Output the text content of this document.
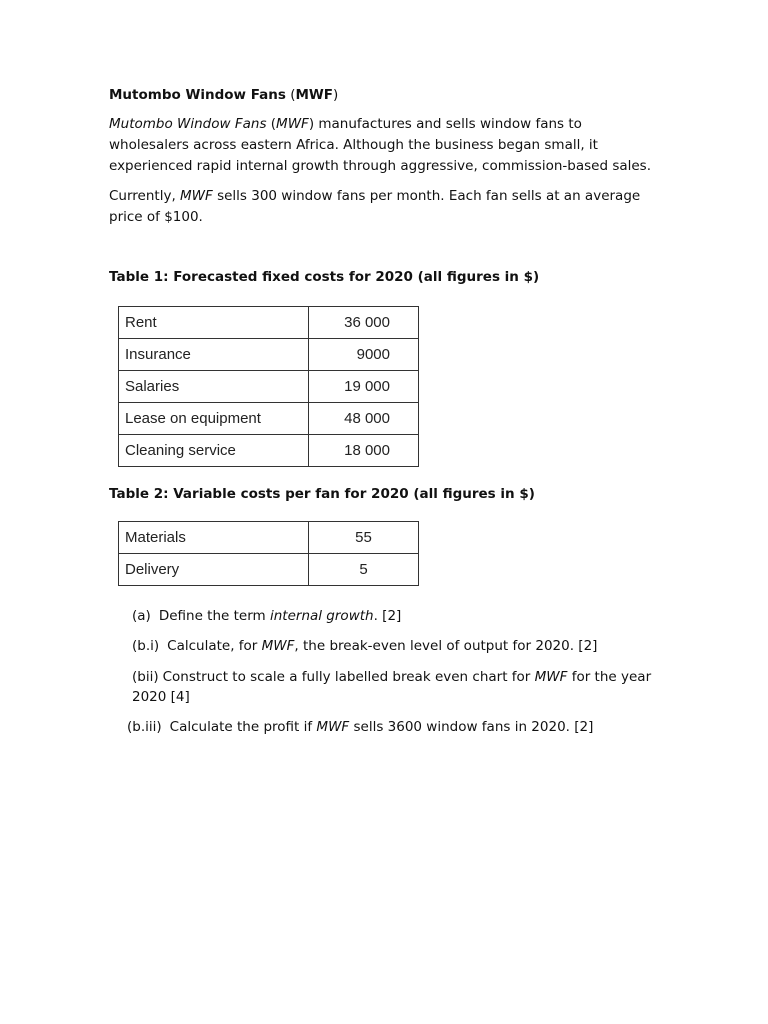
Mutombo Window Fans (MWF)
Mutombo Window Fans (MWF) manufactures and sells window fans to wholesalers across eastern Africa. Although the business began small, it experienced rapid internal growth through aggressive, commission-based sales.
Currently, MWF sells 300 window fans per month. Each fan sells at an average price of $100.
Table 1: Forecasted fixed costs for 2020 (all figures in $)
Rent	36 000
Insurance	9000
Salaries	19 000
Lease on equipment	48 000
Cleaning service	18 000
Table 2: Variable costs per fan for 2020 (all figures in $)
Materials	55
Delivery	5
(a) Define the term internal growth. [2]
(b.i) Calculate, for MWF, the break-even level of output for 2020. [2]
(bii) Construct to scale a fully labelled break even chart for MWF for the year 2020 [4]
(b.iii) Calculate the profit if MWF sells 3600 window fans in 2020. [2]
